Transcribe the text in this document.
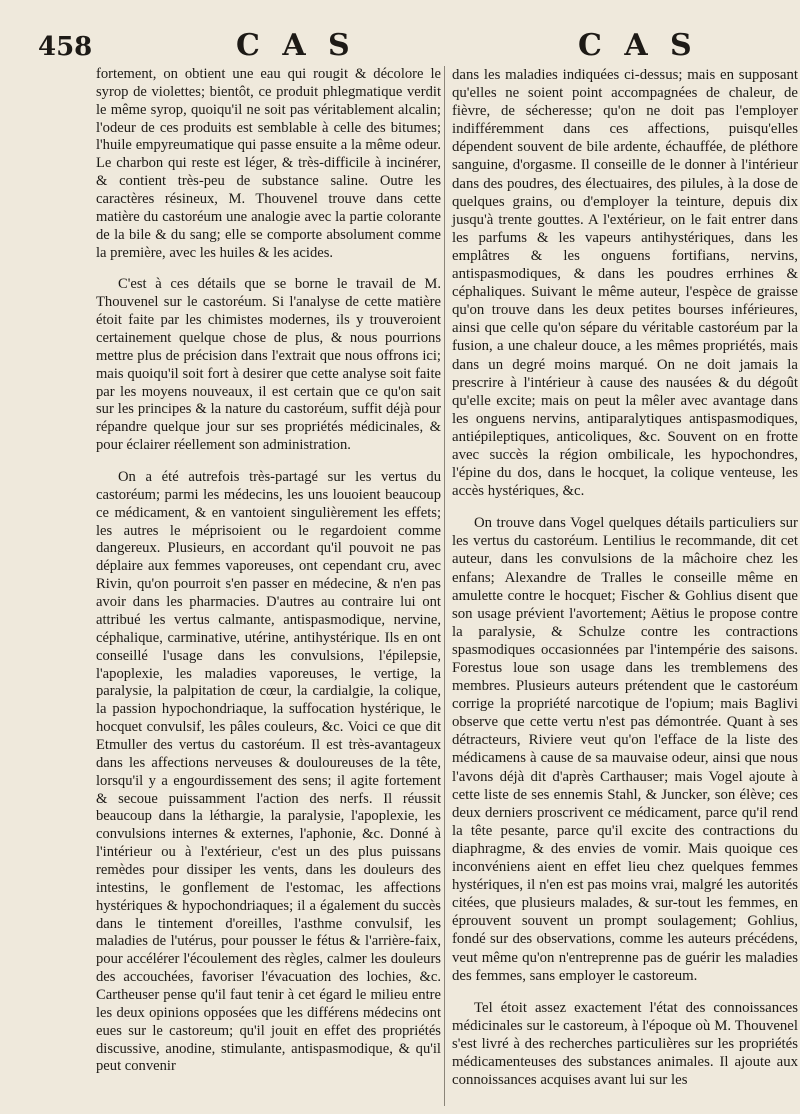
458	C A S	C A S

fortement, on obtient une eau qui rougit & décolore le syrop de violettes; bientôt, ce produit phlegmatique verdit le même syrop, quoiqu'il ne soit pas véritablement alcalin; l'odeur de ces produits est semblable à celle des bitumes; l'huile empyreumatique qui passe ensuite a la même odeur. Le charbon qui reste est léger, & très-difficile à incinérer, & contient très-peu de substance saline. Outre les caractères résineux, M. Thouvenel trouve dans cette matière du castoréum une analogie avec la partie colorante de la bile & du sang; elle se comporte absolument comme la première, avec les huiles & les acides.

C'est à ces détails que se borne le travail de M. Thouvenel sur le castoréum. Si l'analyse de cette matière étoit faite par les chimistes modernes, ils y trouveroient certainement quelque chose de plus, & nous pourrions mettre plus de précision dans l'extrait que nous offrons ici; mais quoiqu'il soit fort à desirer que cette analyse soit faite par les moyens nouveaux, il est certain que ce qu'on sait sur les principes & la nature du castoréum, suffit déjà pour répandre quelque jour sur ses propriétés médicinales, & pour éclairer réellement son administration.

On a été autrefois très-partagé sur les vertus du castoréum; parmi les médecins, les uns louoient beaucoup ce médicament, & en vantoient singulièrement les effets; les autres le méprisoient ou le regardoient comme dangereux. Plusieurs, en accordant qu'il pouvoit ne pas déplaire aux femmes vaporeuses, ont cependant cru, avec Rivin, qu'on pourroit s'en passer en médecine, & n'en pas avoir dans les pharmacies. D'autres au contraire lui ont attribué les vertus calmante, antispasmodique, nervine, céphalique, carminative, utérine, antihystérique. Ils en ont conseillé l'usage dans les convulsions, l'épilepsie, l'apoplexie, les maladies vaporeuses, le vertige, la paralysie, la palpitation de cœur, la cardialgie, la colique, la passion hypochondriaque, la suffocation hystérique, le hocquet convulsif, les pâles couleurs, &c. Voici ce que dit Etmuller des vertus du castoréum. Il est très-avantageux dans les affections nerveuses & douloureuses de la tête, lorsqu'il y a engourdissement des sens; il agite fortement & secoue puissamment l'action des nerfs. Il réussit beaucoup dans la léthargie, la paralysie, l'apoplexie, les convulsions internes & externes, l'aphonie, &c. Donné à l'intérieur ou à l'extérieur, c'est un des plus puissans remèdes pour dissiper les vents, dans les douleurs des intestins, le gonflement de l'estomac, les affections hystériques & hypochondriaques; il a également du succès dans le tintement d'oreilles, l'asthme convulsif, les maladies de l'utérus, pour pousser le fétus & l'arrière-faix, pour accélérer l'écoulement des règles, calmer les douleurs des accouchées, favoriser l'évacuation des lochies, &c. Cartheuser pense qu'il faut tenir à cet égard le milieu entre les deux opinions opposées que les différens médecins ont eues sur le castoreum; qu'il jouit en effet des propriétés discussive, anodine, stimulante, antispasmodique, & qu'il peut convenir

dans les maladies indiquées ci-dessus; mais en supposant qu'elles ne soient point accompagnées de chaleur, de fièvre, de sécheresse; qu'on ne doit pas l'employer indifféremment dans ces affections, puisqu'elles dépendent souvent de bile ardente, échauffée, de pléthore sanguine, d'orgasme. Il conseille de le donner à l'intérieur dans des poudres, des électuaires, des pilules, à la dose de quelques grains, ou d'employer la teinture, depuis dix jusqu'à trente gouttes. A l'extérieur, on le fait entrer dans les parfums & les vapeurs antihystériques, dans les emplâtres & les onguens fortifians, nervins, antispasmodiques, & dans les poudres errhines & céphaliques. Suivant le même auteur, l'espèce de graisse qu'on trouve dans les deux petites bourses inférieures, ainsi que celle qu'on sépare du véritable castoréum par la fusion, a une chaleur douce, a les mêmes propriétés, mais dans un degré moins marqué. On ne doit jamais la prescrire à l'intérieur à cause des nausées & du dégoût qu'elle excite; mais on peut la mêler avec avantage dans les onguens nervins, antiparalytiques antispasmodiques, antiépileptiques, anticoliques, &c. Souvent on en frotte avec succès la région ombilicale, les hypochondres, l'épine du dos, dans le hocquet, la colique venteuse, les accès hystériques, &c.

On trouve dans Vogel quelques détails particuliers sur les vertus du castoréum. Lentilius le recommande, dit cet auteur, dans les convulsions de la mâchoire chez les enfans; Alexandre de Tralles le conseille même en amulette contre le hocquet; Fischer & Gohlius disent que son usage prévient l'avortement; Aëtius le propose contre la paralysie, & Schulze contre les contractions spasmodiques occasionnées par l'intempérie des saisons. Forestus loue son usage dans les tremblemens des membres. Plusieurs auteurs prétendent que le castoréum corrige la propriété narcotique de l'opium; mais Baglivi observe que cette vertu n'est pas démontrée. Quant à ses détracteurs, Riviere veut qu'on l'efface de la liste des médicamens à cause de sa mauvaise odeur, ainsi que nous l'avons déjà dit d'après Carthauser; mais Vogel ajoute à cette liste de ses ennemis Stahl, & Juncker, son élève; ces deux derniers proscrivent ce médicament, parce qu'il rend la tête pesante, parce qu'il excite des contractions du diaphragme, & des envies de vomir. Mais quoique ces inconvéniens aient en effet lieu chez quelques femmes hystériques, il n'en est pas moins vrai, malgré les autorités citées, que plusieurs malades, & sur-tout les femmes, en éprouvent souvent un prompt soulagement; Gohlius, fondé sur des observations, comme les auteurs précédens, veut même qu'on n'entreprenne pas de guérir les maladies des femmes, sans employer le castoreum.

Tel étoit assez exactement l'état des connoissances médicinales sur le castoreum, à l'époque où M. Thouvenel s'est livré à des recherches particulières sur les propriétés médicamenteuses des substances animales. Il ajoute aux connoissances acquises avant lui sur les
